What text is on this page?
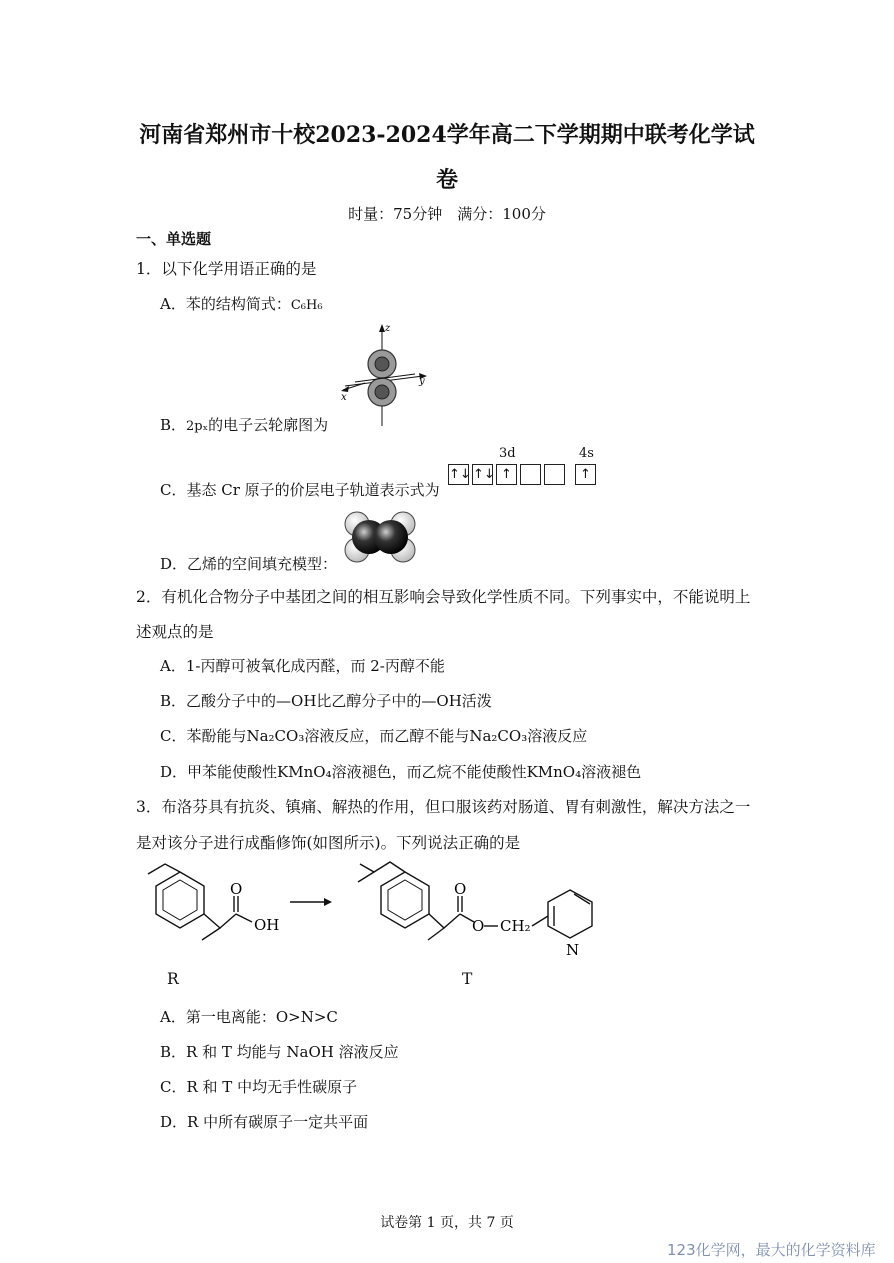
河南省郑州市十校2023-2024学年高二下学期期中联考化学试
卷
时量：75分钟　满分：100分
一、单选题
1．以下化学用语正确的是
A．苯的结构简式：C₆H₆
z
y
x
B．2pₓ的电子云轮廓图为
3d	4s
↑↓ ↑↓ ↑	↑
C．基态 Cr 原子的价层电子轨道表示式为
D．乙烯的空间填充模型：
2．有机化合物分子中基团之间的相互影响会导致化学性质不同。下列事实中，不能说明上
述观点的是
A．1-丙醇可被氧化成丙醛，而 2-丙醇不能
B．乙酸分子中的—OH比乙醇分子中的—OH活泼
C．苯酚能与Na₂CO₃溶液反应，而乙醇不能与Na₂CO₃溶液反应
D．甲苯能使酸性KMnO₄溶液褪色，而乙烷不能使酸性KMnO₄溶液褪色
3．布洛芬具有抗炎、镇痛、解热的作用，但口服该药对肠道、胃有刺激性，解决方法之一
是对该分子进行成酯修饰(如图所示)。下列说法正确的是
OH
O	O
O CH₂
N
R	T
A．第一电离能：O>N>C
B．R 和 T 均能与 NaOH 溶液反应
C．R 和 T 中均无手性碳原子
D．R 中所有碳原子一定共平面
试卷第 1 页，共 7 页
123化学网，最大的化学资料库
